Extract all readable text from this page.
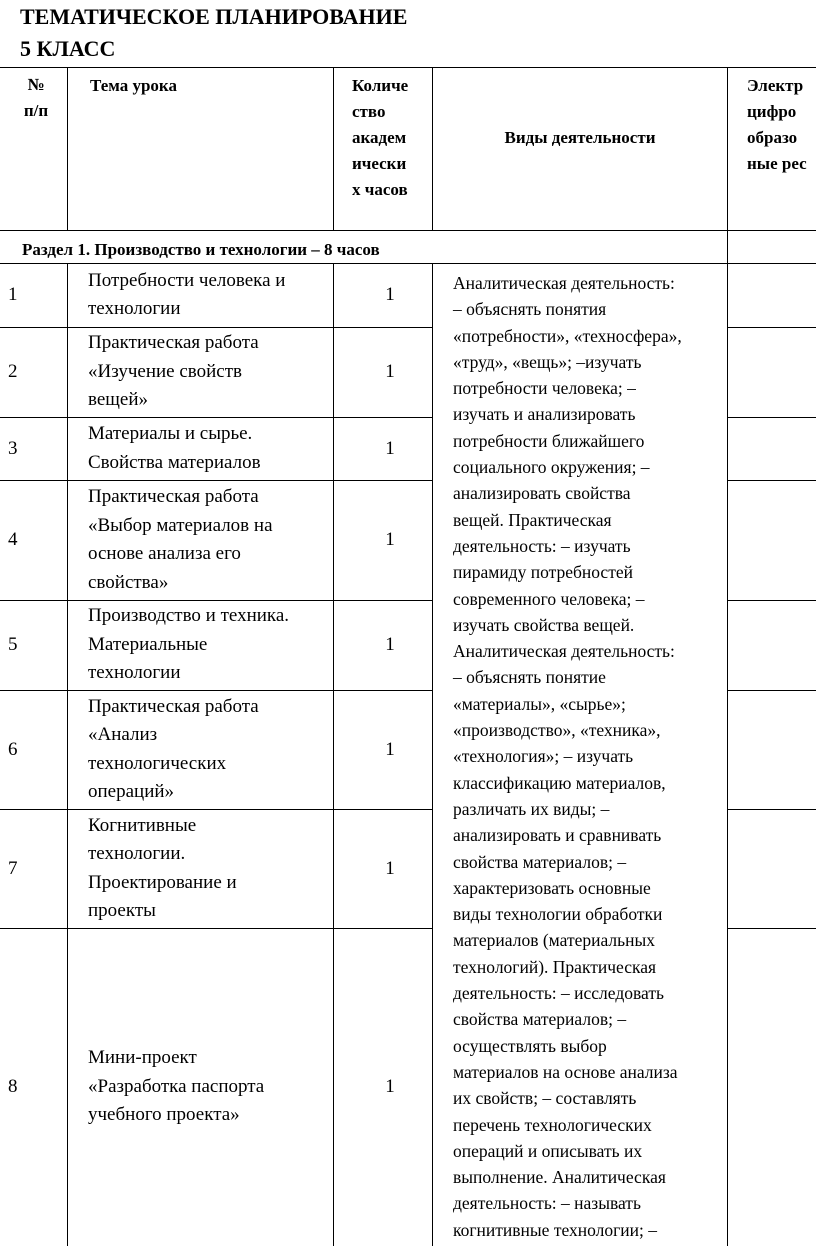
ТЕМАТИЧЕСКОЕ ПЛАНИРОВАНИЕ
5 КЛАСС
№
п/п
Тема урока	Количе
ство
академ
ически
х часов
Виды деятельности
Электр
цифро
образо
ные рес
Раздел 1. Производство и технологии – 8 часов
1
Потребности человека и
технологии
1
2
Практическая работа
«Изучение свойств
вещей»
1
3
Материалы и сырье.
Свойства материалов
1
4
Практическая работа
«Выбор материалов на
основе анализа его
свойства»
1
5
Производство и техника.
Материальные
технологии
1
6
Практическая работа
«Анализ
технологических
операций»
1
7
Когнитивные
технологии.
Проектирование и
проекты
1
8
Мини-проект
«Разработка паспорта
учебного проекта»
1
Аналитическая деятельность:
– объяснять понятия
«потребности», «техносфера»,
«труд», «вещь»; –изучать
потребности человека; –
изучать и анализировать
потребности ближайшего
социального окружения; –
анализировать свойства
вещей. Практическая
деятельность: – изучать
пирамиду потребностей
современного человека; –
изучать свойства вещей.
Аналитическая деятельность:
– объяснять понятие
«материалы», «сырье»;
«производство», «техника»,
«технология»; – изучать
классификацию материалов,
различать их виды; –
анализировать и сравнивать
свойства материалов; –
характеризовать основные
виды технологии обработки
материалов (материальных
технологий). Практическая
деятельность: – исследовать
свойства материалов; –
осуществлять выбор
материалов на основе анализа
их свойств; – составлять
перечень технологических
операций и описывать их
выполнение. Аналитическая
деятельность: – называть
когнитивные технологии; –
